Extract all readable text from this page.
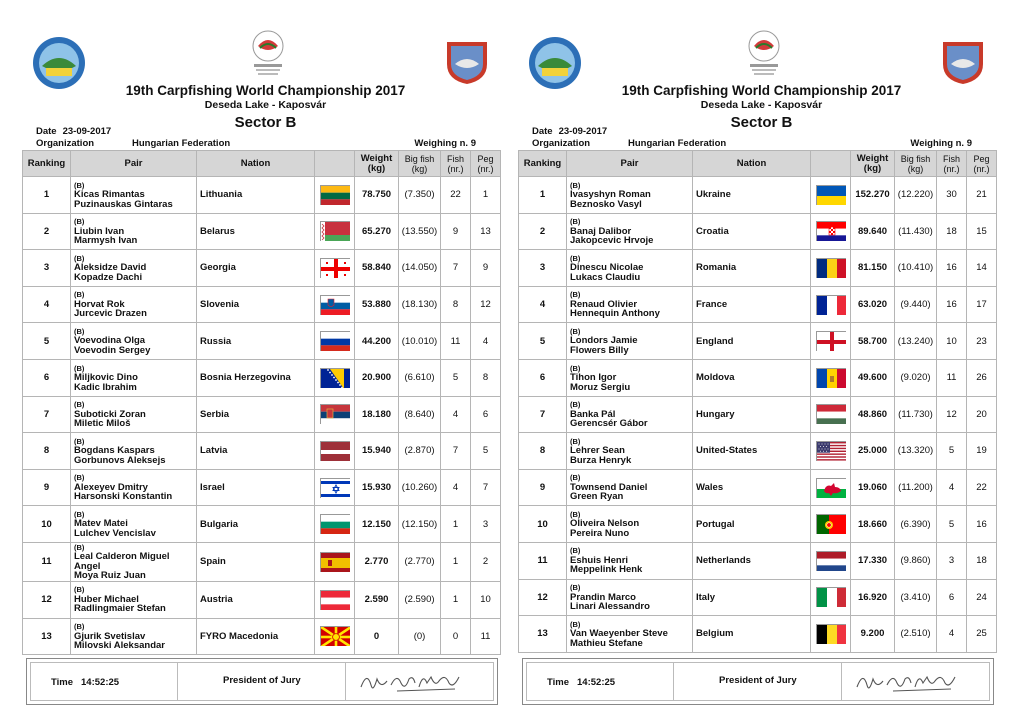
19th Carpfishing World Championship 2017
Deseda Lake - Kaposvár
Sector B
Date 23-09-2017
Organization	Hungarian Federation	Weighing n. 9
Ranking	Pair	Nation		Weight
(kg)	Big fish
(kg)	Fish
(nr.)	Peg
(nr.)
1	(B)
Kicas Rimantas
Puzinauskas Gintaras	Lithuania		78.750	(7.350)	22	1
2	(B)
Liubin Ivan
Marmysh Ivan	Belarus		65.270	(13.550)	9	13
3	(B)
Aleksidze David
Kopadze Dachi	Georgia		58.840	(14.050)	7	9
4	(B)
Horvat Rok
Jurcevic Drazen	Slovenia		53.880	(18.130)	8	12
5	(B)
Voevodina Olga
Voevodin Sergey	Russia		44.200	(10.010)	11	4
6	(B)
Miljkovic Dino
Kadic Ibrahim	Bosnia Herzegovina		20.900	(6.610)	5	8
7	(B)
Suboticki Zoran
Miletic Miloš	Serbia		18.180	(8.640)	4	6
8	(B)
Bogdans Kaspars
Gorbunovs Aleksejs	Latvia		15.940	(2.870)	7	5
9	(B)
Alexeyev Dmitry
Harsonski Konstantin	Israel		15.930	(10.260)	4	7
10	(B)
Matev Matei
Lulchev Vencislav	Bulgaria		12.150	(12.150)	1	3
11	(B)
Leal Calderon Miguel Angel
Moya Ruiz Juan	Spain		2.770	(2.770)	1	2
12	(B)
Huber Michael
Radlingmaier Stefan	Austria		2.590	(2.590)	1	10
13	(B)
Gjurik Svetislav
Milovski Aleksandar	FYRO Macedonia		0	(0)	0	11
Time 14:52:25	President of Jury
19th Carpfishing World Championship 2017
Deseda Lake - Kaposvár
Sector B
Date 23-09-2017
Organization	Hungarian Federation	Weighing n. 9
Ranking	Pair	Nation		Weight
(kg)	Big fish
(kg)	Fish
(nr.)	Peg
(nr.)
1	(B)
Ivasyshyn Roman
Beznosko Vasyl	Ukraine		152.270	(12.220)	30	21
2	(B)
Banaj Dalibor
Jakopcevic Hrvoje	Croatia		89.640	(11.430)	18	15
3	(B)
Dinescu Nicolae
Lukacs Claudiu	Romania		81.150	(10.410)	16	14
4	(B)
Renaud Olivier
Hennequin Anthony	France		63.020	(9.440)	16	17
5	(B)
Londors Jamie
Flowers Billy	England		58.700	(13.240)	10	23
6	(B)
Tihon Igor
Moruz Sergiu	Moldova		49.600	(9.020)	11	26
7	(B)
Banka Pál
Gerencsér Gábor	Hungary		48.860	(11.730)	12	20
8	(B)
Lehrer Sean
Burza Henryk	United-States		25.000	(13.320)	5	19
9	(B)
Townsend Daniel
Green Ryan	Wales		19.060	(11.200)	4	22
10	(B)
Oliveira Nelson
Pereira Nuno	Portugal		18.660	(6.390)	5	16
11	(B)
Eshuis Henri
Meppelink Henk	Netherlands		17.330	(9.860)	3	18
12	(B)
Prandin Marco
Linari Alessandro	Italy		16.920	(3.410)	6	24
13	(B)
Van Waeyenber Steve
Mathieu Stefane	Belgium		9.200	(2.510)	4	25
Time 14:52:25	President of Jury
